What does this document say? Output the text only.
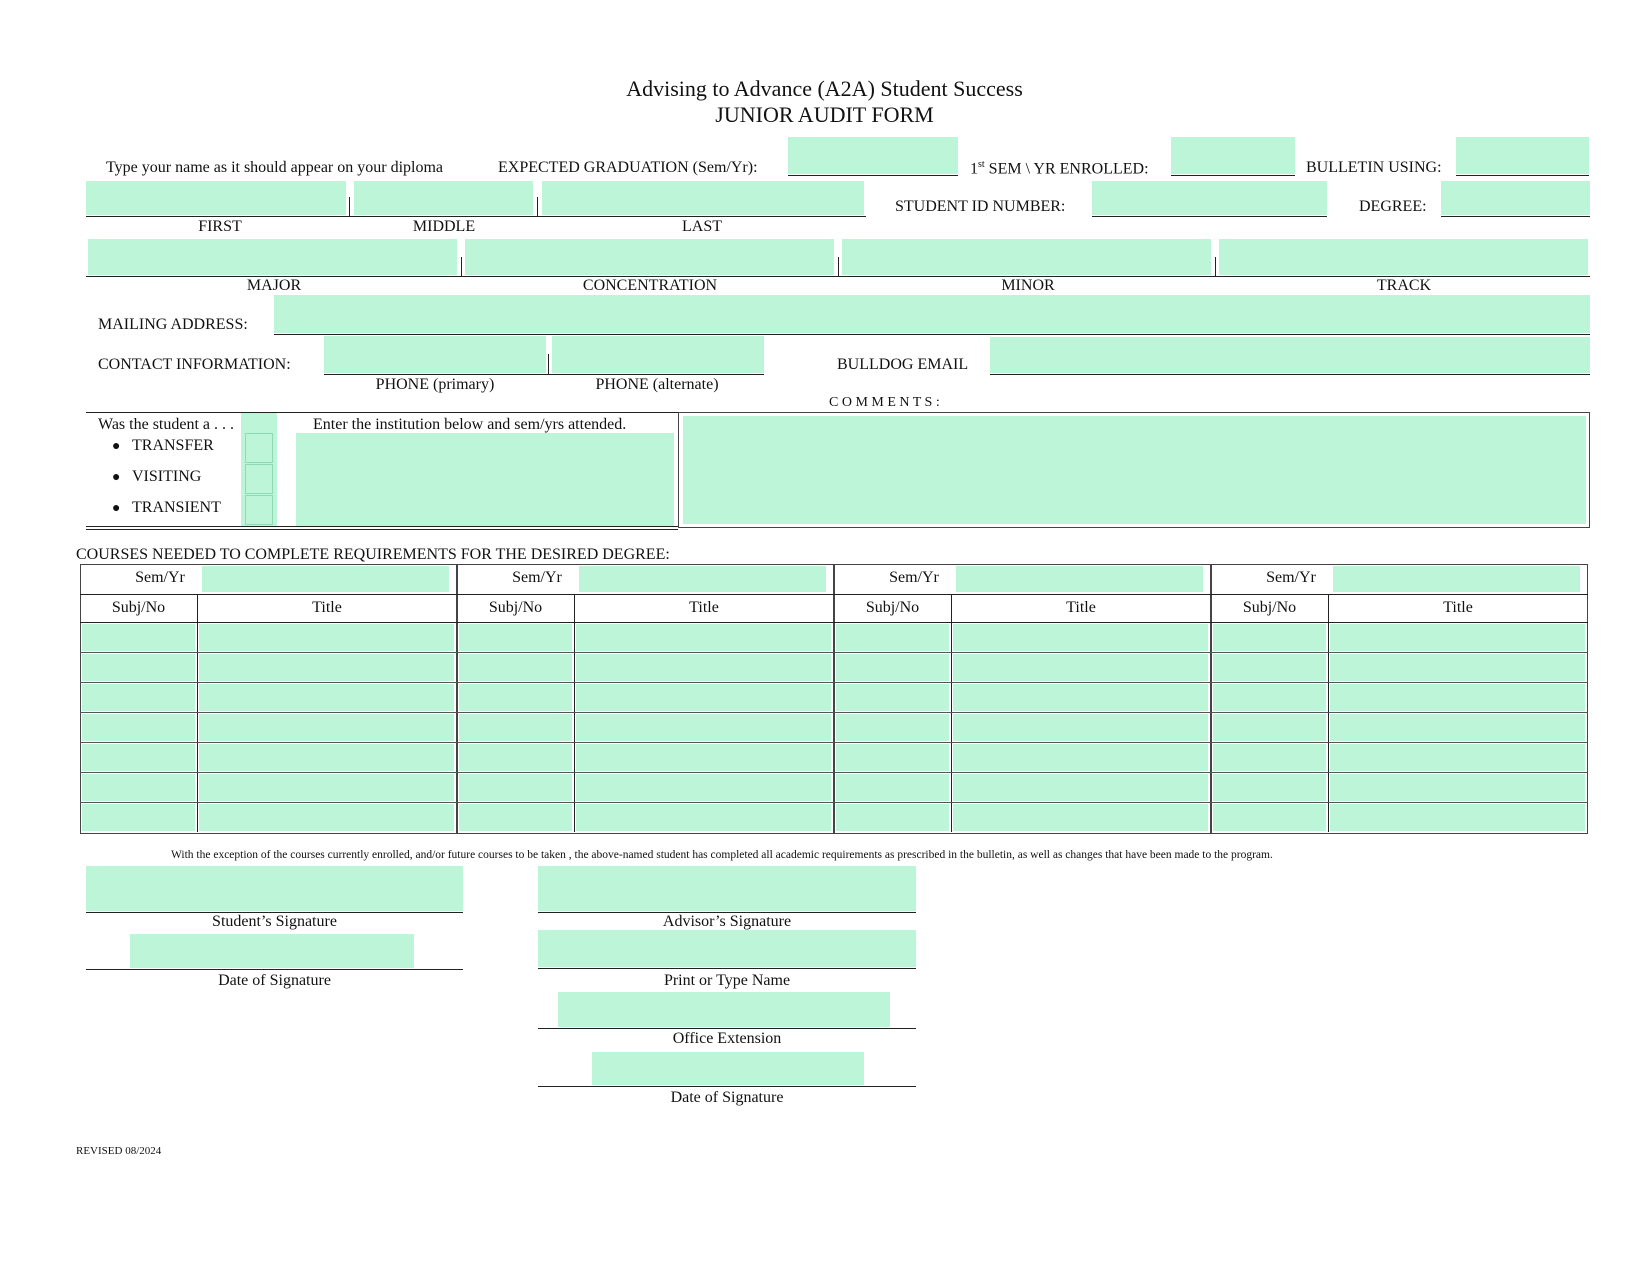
Advising to Advance (A2A) Student Success
JUNIOR AUDIT FORM
Type your name as it should appear on your diploma	EXPECTED GRADUATION (Sem/Yr):	1st SEM \ YR ENROLLED:	BULLETIN USING:
STUDENT ID NUMBER:	DEGREE:
FIRST	MIDDLE	LAST
MAJOR	CONCENTRATION	MINOR	TRACK
MAILING ADDRESS:
CONTACT INFORMATION:
PHONE (primary)	PHONE (alternate)
BULLDOG EMAIL
C O M M E N T S :
Was the student a . . .
● TRANSFER
● VISITING
● TRANSIENT
Enter the institution below and sem/yrs attended.
COURSES NEEDED TO COMPLETE REQUIREMENTS FOR THE DESIRED DEGREE:
Sem/Yr
Subj/No	Title
Sem/Yr
Subj/No	Title
Sem/Yr
Subj/No	Title
Sem/Yr
Subj/No	Title
With the exception of the courses currently enrolled, and/or future courses to be taken , the above-named student has completed all academic requirements as prescribed in the bulletin, as well as changes that have been made to the program.
Student’s Signature
Date of Signature
Advisor’s Signature
Print or Type Name
Office Extension
Date of Signature
REVISED 08/2024
